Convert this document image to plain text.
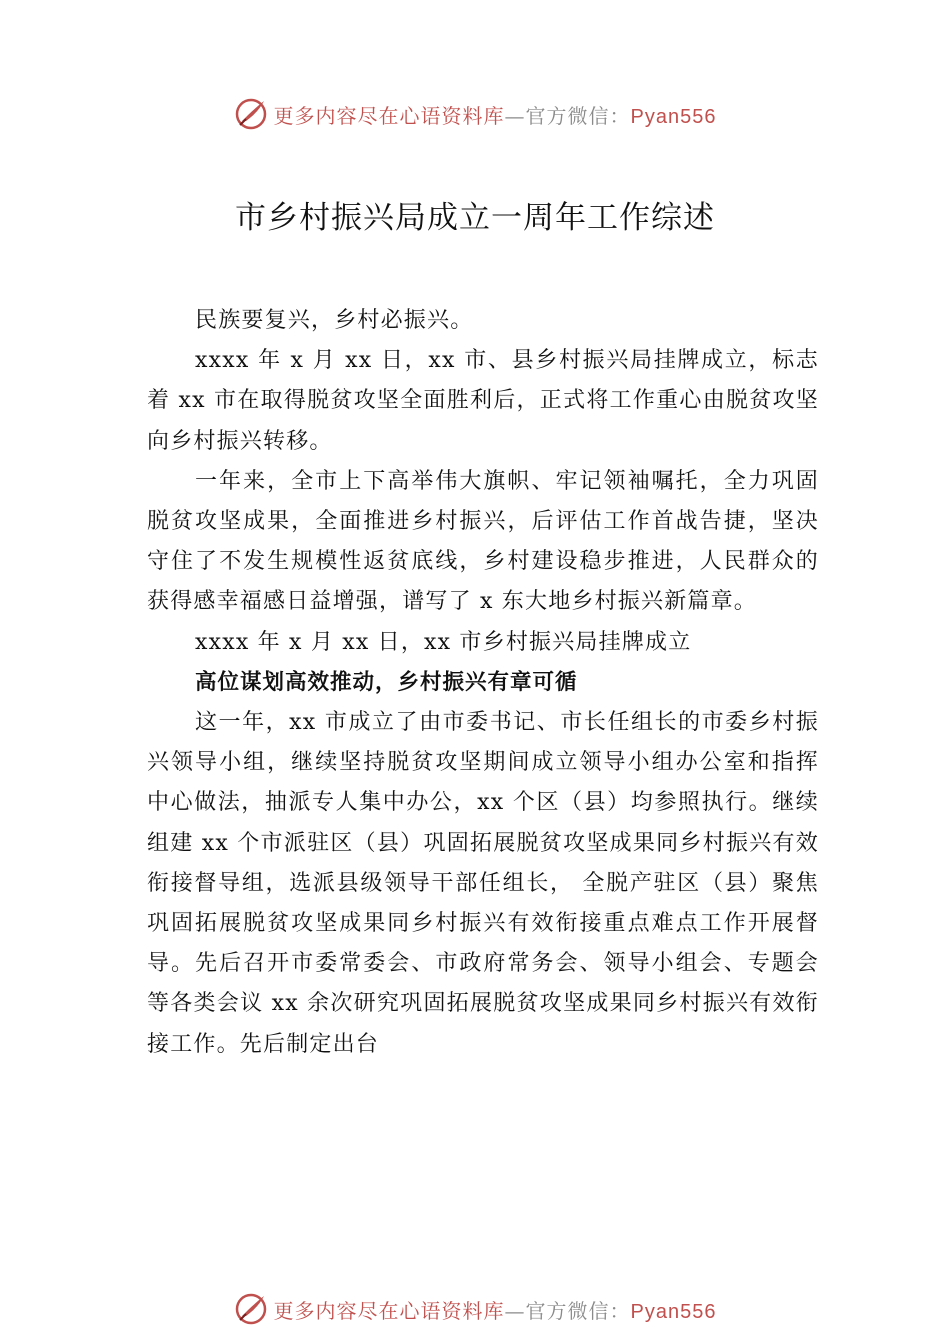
更多内容尽在心语资料库—官方微信：Pyan556
市乡村振兴局成立一周年工作综述

民族要复兴，乡村必振兴。

xxxx 年 x 月 xx 日，xx 市、县乡村振兴局挂牌成立，标志着 xx 市在取得脱贫攻坚全面胜利后，正式将工作重心由脱贫攻坚向乡村振兴转移。

一年来，全市上下高举伟大旗帜、牢记领袖嘱托，全力巩固脱贫攻坚成果，全面推进乡村振兴，后评估工作首战告捷，坚决守住了不发生规模性返贫底线，乡村建设稳步推进，人民群众的获得感幸福感日益增强，谱写了 x 东大地乡村振兴新篇章。

xxxx 年 x 月 xx 日，xx 市乡村振兴局挂牌成立

高位谋划高效推动，乡村振兴有章可循

这一年，xx 市成立了由市委书记、市长任组长的市委乡村振兴领导小组，继续坚持脱贫攻坚期间成立领导小组办公室和指挥中心做法，抽派专人集中办公，xx 个区（县）均参照执行。继续组建 xx 个市派驻区（县）巩固拓展脱贫攻坚成果同乡村振兴有效衔接督导组，选派县级领导干部任组长， 全脱产驻区（县）聚焦巩固拓展脱贫攻坚成果同乡村振兴有效衔接重点难点工作开展督导。先后召开市委常委会、市政府常务会、领导小组会、专题会等各类会议 xx 余次研究巩固拓展脱贫攻坚成果同乡村振兴有效衔接工作。先后制定出台

更多内容尽在心语资料库—官方微信：Pyan556
